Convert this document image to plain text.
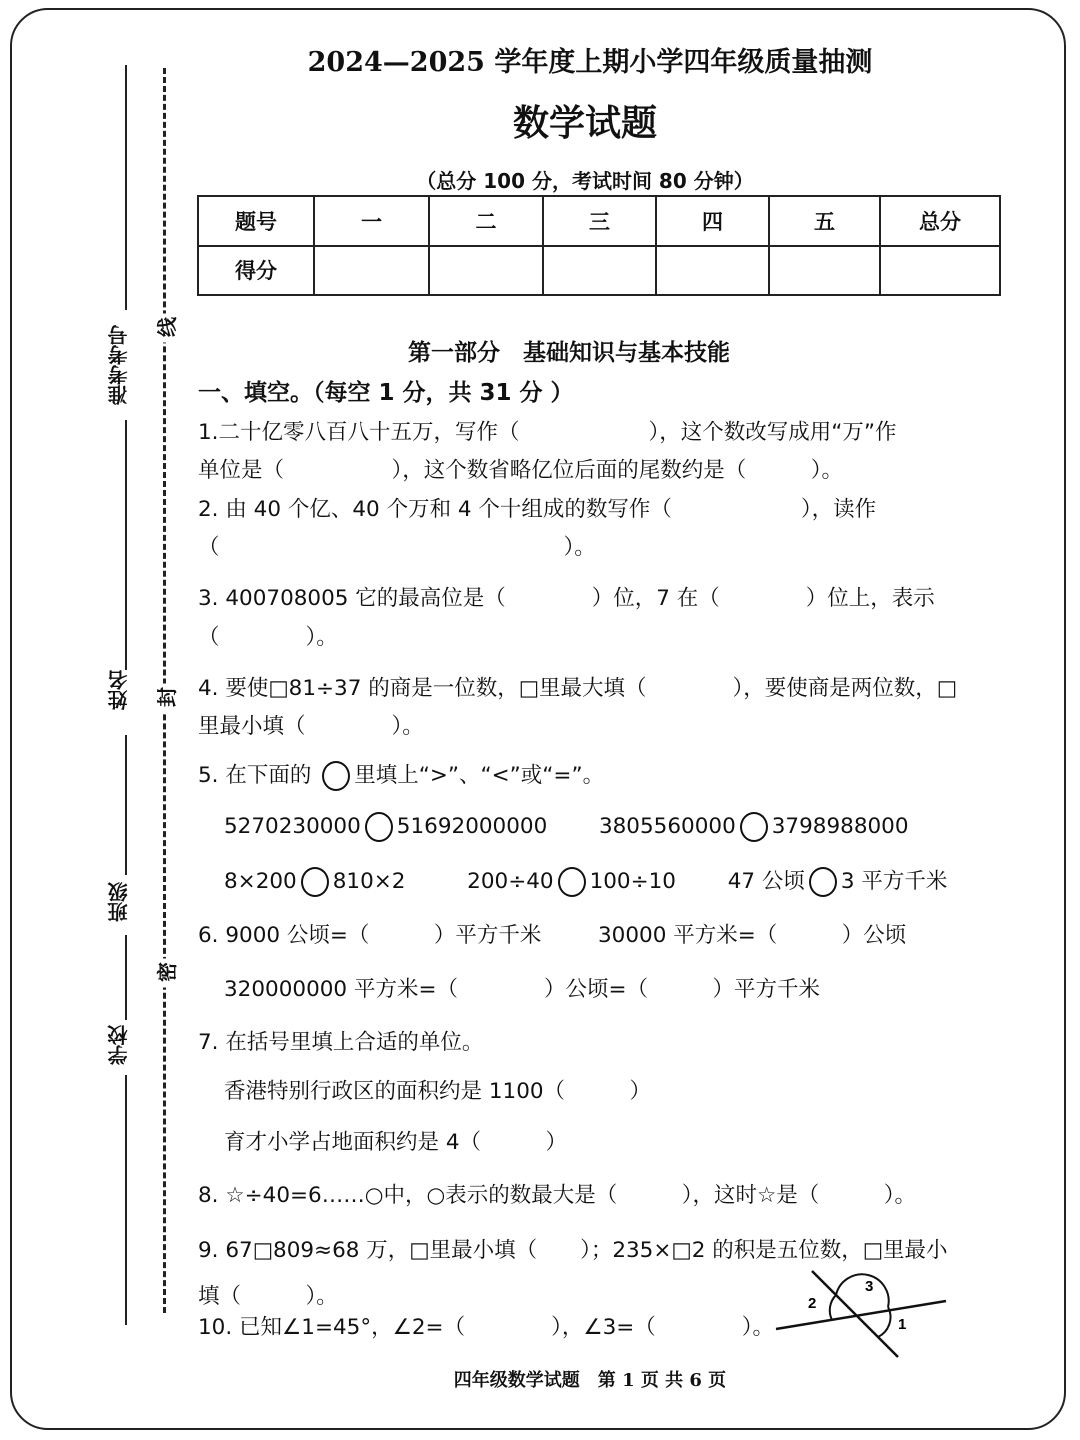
准考考号
姓名
班级
学校
线
封
密
2024—2025 学年度上期小学四年级质量抽测
数学试题
（总分 100 分，考试时间 80 分钟）
题号	一	二	三	四	五	总分
得分						
第一部分　基础知识与基本技能
一、填空。（每空 1 分，共 31 分 ）
1.二十亿零八百八十五万，写作（　　　　　　），这个数改写成用“万”作
单位是（　　　　　），这个数省略亿位后面的尾数约是（　　　）。
2. 由 40 个亿、40 个万和 4 个十组成的数写作（　　　　　　），读作
（　　　　　　　　　　　　　　　　）。
3. 400708005 它的最高位是（　　　　）位，7 在（　　　　）位上，表示
（　　　　）。
4. 要使□81÷37 的商是一位数，□里最大填（　　　　），要使商是两位数，□
里最小填（　　　　）。
5. 在下面的 里填上“>”、“<”或“=”。
5270230000 51692000000 3805560000 3798988000
8×200 810×2	200÷40 100÷10 47 公顷 3 平方千米
6. 9000 公顷=（　　　）平方千米	30000 平方米=（　　　）公顷
320000000 平方米=（　　　　）公顷=（　　　）平方千米
7. 在括号里填上合适的单位。
香港特别行政区的面积约是 1100（　　　）
育才小学占地面积约是 4（　　　）
8. ☆÷40=6……○中，○表示的数最大是（　　　），这时☆是（　　　）。
9. 67□809≈68 万，□里最小填（　　）；235×□2 的积是五位数，□里最小
填（　　　）。
10. 已知∠1=45°，∠2=（　　　　），∠3=（　　　　）。	1
2
3
四年级数学试题　第 1 页 共 6 页
